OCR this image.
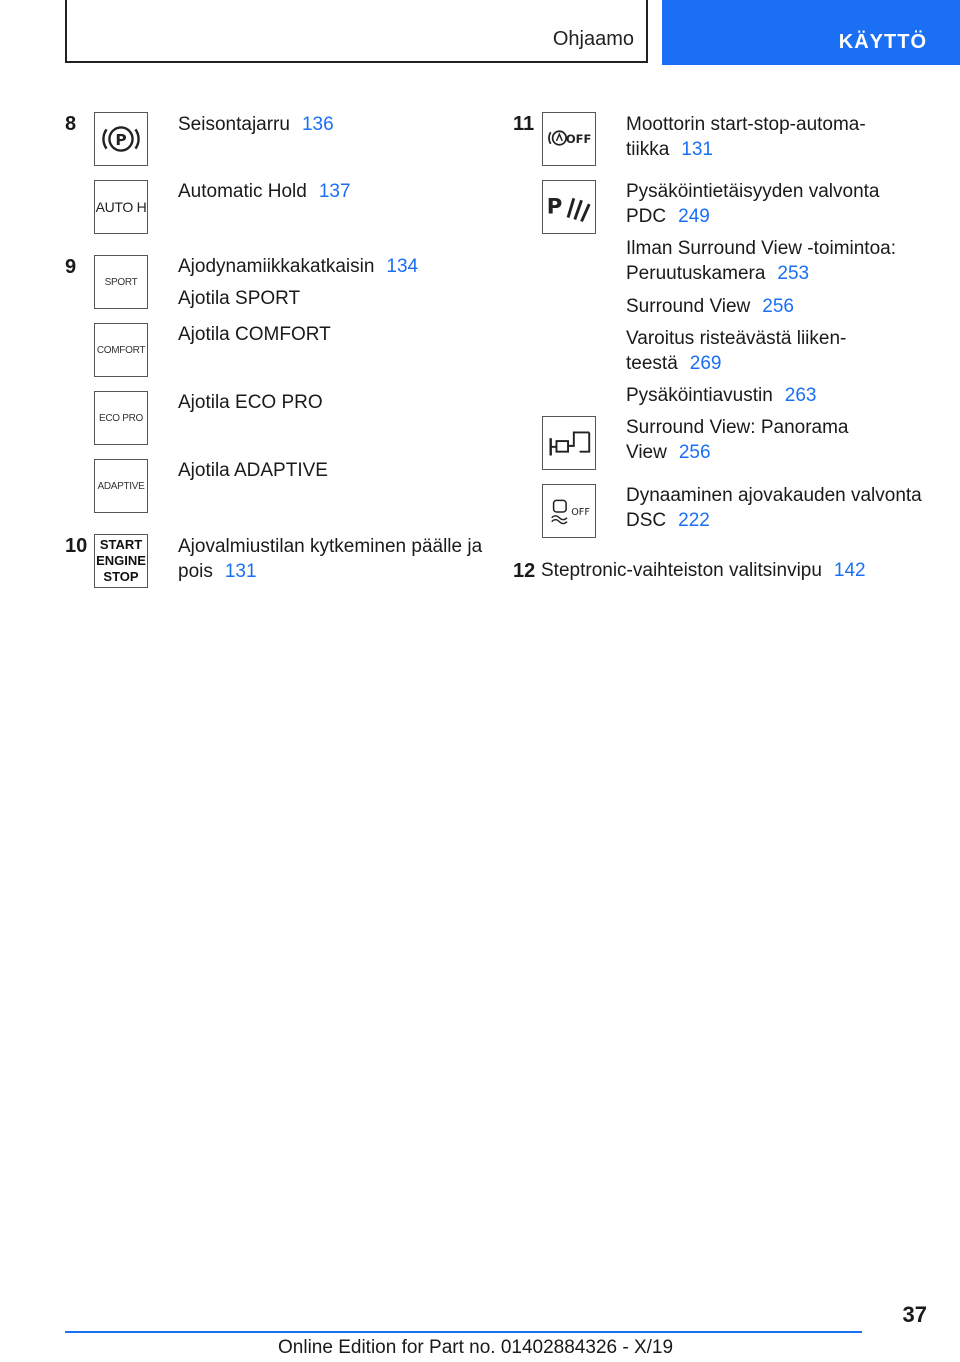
Ohjaamo	KÄYTTÖ
8
P
Seisontajarru 136
AUTO H
Automatic Hold 137
9
SPORT
Ajodynamiikkakatkaisin 134
Ajotila SPORT
COMFORT
Ajotila COMFORT
ECO PRO
Ajotila ECO PRO
ADAPTIVE
Ajotila ADAPTIVE
10 START
ENGINE
STOP
Ajovalmiustilan kytkeminen päälle ja
pois 131
11
OFF
Moottorin start-stop-automa-
tiikka 131
P
Pysäköintietäisyyden valvonta
PDC 249
Ilman Surround View -toimintoa:
Peruutuskamera 253
Surround View 256
Varoitus risteävästä liiken-
teestä 269
Pysäköintiavustin 263
Surround View: Panorama
View 256
OFF
Dynaaminen ajovakauden valvonta
DSC 222
12 Steptronic-vaihteiston valitsinvipu 142
37
Online Edition for Part no. 01402884326 - X/19
